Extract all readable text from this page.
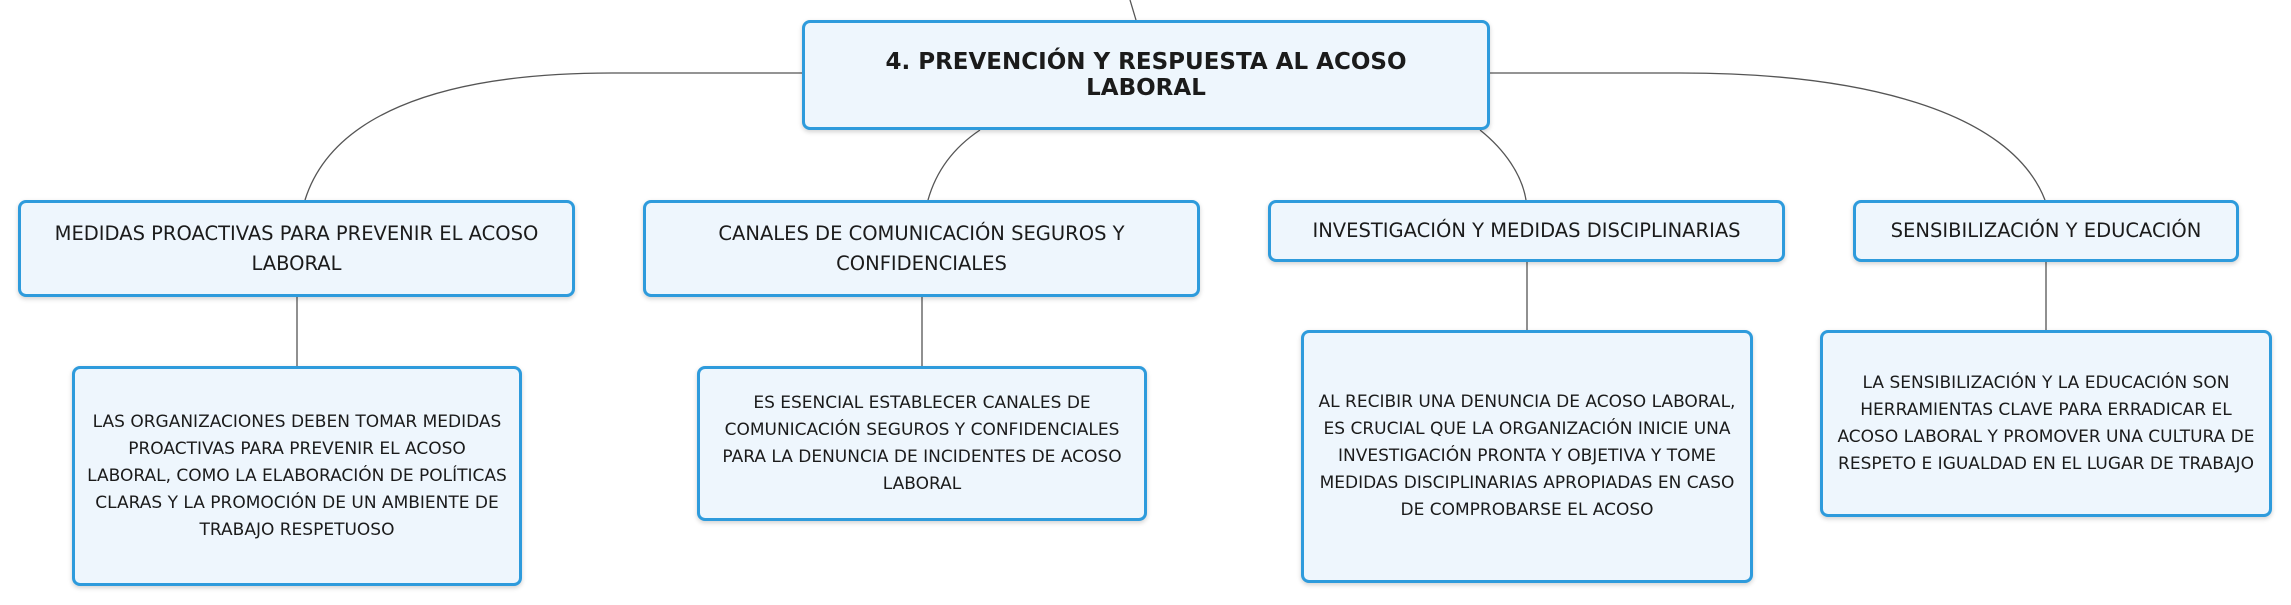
4. PREVENCIÓN Y RESPUESTA AL ACOSO LABORAL
MEDIDAS PROACTIVAS PARA PREVENIR EL ACOSO LABORAL
CANALES DE COMUNICACIÓN SEGUROS Y CONFIDENCIALES
INVESTIGACIÓN Y MEDIDAS DISCIPLINARIAS	SENSIBILIZACIÓN Y EDUCACIÓN
LAS ORGANIZACIONES DEBEN TOMAR MEDIDAS PROACTIVAS PARA PREVENIR EL ACOSO LABORAL, COMO LA ELABORACIÓN DE POLÍTICAS CLARAS Y LA PROMOCIÓN DE UN AMBIENTE DE TRABAJO RESPETUOSO
ES ESENCIAL ESTABLECER CANALES DE COMUNICACIÓN SEGUROS Y CONFIDENCIALES PARA LA DENUNCIA DE INCIDENTES DE ACOSO LABORAL
AL RECIBIR UNA DENUNCIA DE ACOSO LABORAL, ES CRUCIAL QUE LA ORGANIZACIÓN INICIE UNA INVESTIGACIÓN PRONTA Y OBJETIVA Y TOME MEDIDAS DISCIPLINARIAS APROPIADAS EN CASO DE COMPROBARSE EL ACOSO
LA SENSIBILIZACIÓN Y LA EDUCACIÓN SON HERRAMIENTAS CLAVE PARA ERRADICAR EL ACOSO LABORAL Y PROMOVER UNA CULTURA DE RESPETO E IGUALDAD EN EL LUGAR DE TRABAJO
